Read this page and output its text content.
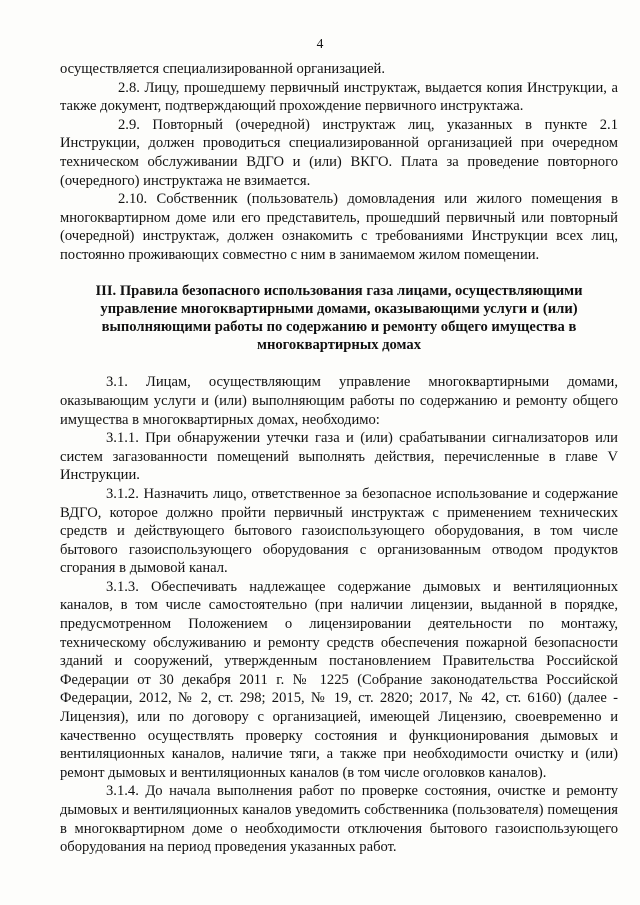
4

осуществляется специализированной организацией.

2.8. Лицу, прошедшему первичный инструктаж, выдается копия Инструкции, а также документ, подтверждающий прохождение первичного инструктажа.

2.9. Повторный (очередной) инструктаж лиц, указанных в пункте 2.1 Инструкции, должен проводиться специализированной организацией при очередном техническом обслуживании ВДГО и (или) ВКГО. Плата за проведение повторного (очередного) инструктажа не взимается.

2.10. Собственник (пользователь) домовладения или жилого помещения в многоквартирном доме или его представитель, прошедший первичный или повторный (очередной) инструктаж, должен ознакомить с требованиями Инструкции всех лиц, постоянно проживающих совместно с ним в занимаемом жилом помещении.

III. Правила безопасного использования газа лицами, осуществляющими управление многоквартирными домами, оказывающими услуги и (или) выполняющими работы по содержанию и ремонту общего имущества в многоквартирных домах

3.1. Лицам, осуществляющим управление многоквартирными домами, оказывающим услуги и (или) выполняющим работы по содержанию и ремонту общего имущества в многоквартирных домах, необходимо:

3.1.1. При обнаружении утечки газа и (или) срабатывании сигнализаторов или систем загазованности помещений выполнять действия, перечисленные в главе V Инструкции.

3.1.2. Назначить лицо, ответственное за безопасное использование и содержание ВДГО, которое должно пройти первичный инструктаж с применением технических средств и действующего бытового газоиспользующего оборудования, в том числе бытового газоиспользующего оборудования с организованным отводом продуктов сгорания в дымовой канал.

3.1.3. Обеспечивать надлежащее содержание дымовых и вентиляционных каналов, в том числе самостоятельно (при наличии лицензии, выданной в порядке, предусмотренном Положением о лицензировании деятельности по монтажу, техническому обслуживанию и ремонту средств обеспечения пожарной безопасности зданий и сооружений, утвержденным постановлением Правительства Российской Федерации от 30 декабря 2011 г. № 1225 (Собрание законодательства Российской Федерации, 2012, № 2, ст. 298; 2015, № 19, ст. 2820; 2017, № 42, ст. 6160) (далее - Лицензия), или по договору с организацией, имеющей Лицензию, своевременно и качественно осуществлять проверку состояния и функционирования дымовых и вентиляционных каналов, наличие тяги, а также при необходимости очистку и (или) ремонт дымовых и вентиляционных каналов (в том числе оголовков каналов).

3.1.4. До начала выполнения работ по проверке состояния, очистке и ремонту дымовых и вентиляционных каналов уведомить собственника (пользователя) помещения в многоквартирном доме о необходимости отключения бытового газоиспользующего оборудования на период проведения указанных работ.
